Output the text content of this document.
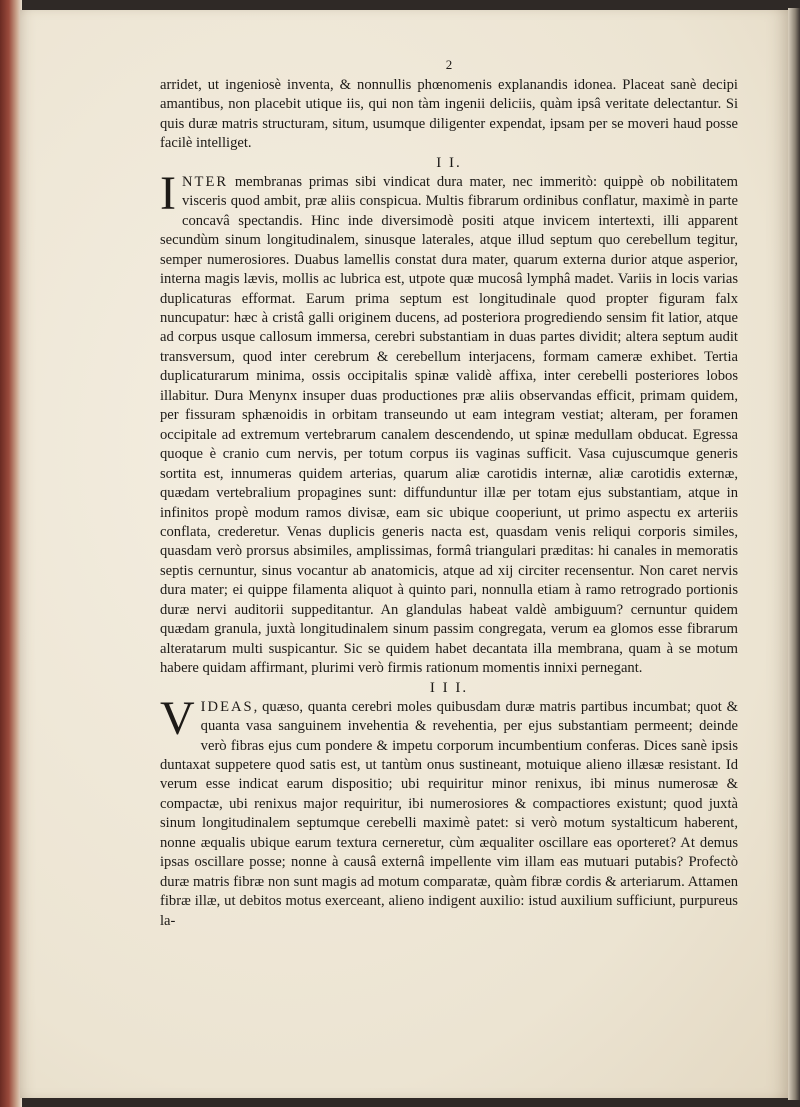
2

arridet, ut ingeniosè inventa, & nonnullis phœnomenis explanandis idonea. Placeat sanè decipi amantibus, non placebit utique iis, qui non tàm ingenii deliciis, quàm ipsâ veritate delectantur. Si quis duræ matris structuram, situm, usumque diligenter expendat, ipsam per se moveri haud posse facilè intelliget.

I I.

INTER membranas primas sibi vindicat dura mater, nec immeritò: quippè ob nobilitatem visceris quod ambit, præ aliis conspicua. Multis fibrarum ordinibus conflatur, maximè in parte concavâ spectandis. Hinc inde diversimodè positi atque invicem intertexti, illi apparent secundùm sinum longitudinalem, sinusque laterales, atque illud septum quo cerebellum tegitur, semper numerosiores. Duabus lamellis constat dura mater, quarum externa durior atque asperior, interna magis lævis, mollis ac lubrica est, utpote quæ mucosâ lymphâ madet. Variis in locis varias duplicaturas efformat. Earum prima septum est longitudinale quod propter figuram falx nuncupatur: hæc à cristâ galli originem ducens, ad posteriora progrediendo sensim fit latior, atque ad corpus usque callosum immersa, cerebri substantiam in duas partes dividit; altera septum audit transversum, quod inter cerebrum & cerebellum interjacens, formam cameræ exhibet. Tertia duplicaturarum minima, ossis occipitalis spinæ validè affixa, inter cerebelli posteriores lobos illabitur. Dura Menynx insuper duas productiones præ aliis observandas efficit, primam quidem, per fissuram sphænoidis in orbitam transeundo ut eam integram vestiat; alteram, per foramen occipitale ad extremum vertebrarum canalem descendendo, ut spinæ medullam obducat. Egressa quoque è cranio cum nervis, per totum corpus iis vaginas sufficit. Vasa cujuscumque generis sortita est, innumeras quidem arterias, quarum aliæ carotidis internæ, aliæ carotidis externæ, quædam vertebralium propagines sunt: diffunduntur illæ per totam ejus substantiam, atque in infinitos propè modum ramos divisæ, eam sic ubique cooperiunt, ut primo aspectu ex arteriis conflata, crederetur. Venas duplicis generis nacta est, quasdam venis reliqui corporis similes, quasdam verò prorsus absimiles, amplissimas, formâ triangulari præditas: hi canales in memoratis septis cernuntur, sinus vocantur ab anatomicis, atque ad xij circiter recensentur. Non caret nervis dura mater; ei quippe filamenta aliquot à quinto pari, nonnulla etiam à ramo retrogrado portionis duræ nervi auditorii suppeditantur. An glandulas habeat valdè ambiguum? cernuntur quidem quædam granula, juxtà longitudinalem sinum passim congregata, verum ea glomos esse fibrarum alteratarum multi suspicantur. Sic se quidem habet decantata illa membrana, quam à se motum habere quidam affirmant, plurimi verò firmis rationum momentis innixi pernegant.

I I I.

VIDEAS, quæso, quanta cerebri moles quibusdam duræ matris partibus incumbat; quot & quanta vasa sanguinem invehentia & revehentia, per ejus substantiam permeent; deinde verò fibras ejus cum pondere & impetu corporum incumbentium conferas. Dices sanè ipsis duntaxat suppetere quod satis est, ut tantùm onus sustineant, motuique alieno illæsæ resistant. Id verum esse indicat earum dispositio; ubi requiritur minor renixus, ibi minus numerosæ & compactæ, ubi renixus major requiritur, ibi numerosiores & compactiores existunt; quod juxtà sinum longitudinalem septumque cerebelli maximè patet: si verò motum systalticum haberent, nonne æqualis ubique earum textura cerneretur, cùm æqualiter oscillare eas oporteret? At demus ipsas oscillare posse; nonne à causâ externâ impellente vim illam eas mutuari putabis? Profectò duræ matris fibræ non sunt magis ad motum comparatæ, quàm fibræ cordis & arteriarum. Attamen fibræ illæ, ut debitos motus exerceant, alieno indigent auxilio: istud auxilium sufficiunt, purpureus la-
